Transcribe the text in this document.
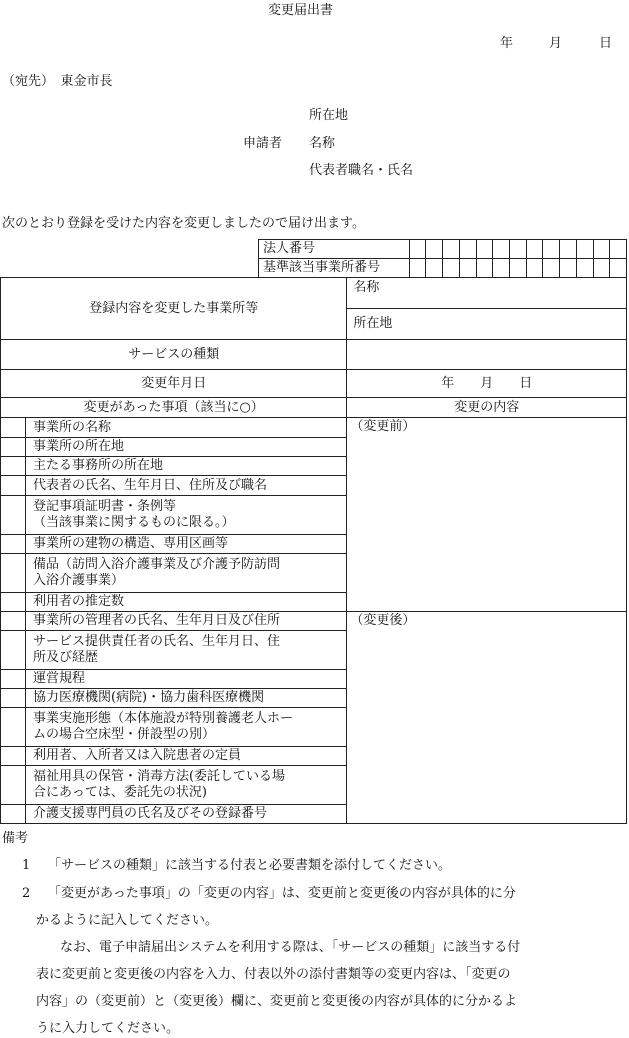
変更届出書
年	月	日
（宛先）　東金市長
所在地
申請者 名称
代表者職名・氏名
次のとおり登録を受けた内容を変更しましたので届け出ます。
法人番号														
基準該当事業所番号														
登録内容を変更した事業所等		名称
		所在地
サービスの種類		
変更年月日		年　　月　　日
変更があった事項（該当に○）		変更の内容
	事業所の名称	（変更前）
	事業所の所在地	
	主たる事務所の所在地	
	代表者の氏名、生年月日、住所及び職名	

	登記事項証明書・条例等
（当該事業に関するものに限る。）	

	事業所の建物の構造、専用区画等	

	備品（訪問入浴介護事業及び介護予防訪問
入浴介護事業）	

	利用者の推定数	
	事業所の管理者の氏名、生年月日及び住所	（変更後）

	サービス提供責任者の氏名、生年月日、住
所及び経歴	

	運営規程	
	協力医療機関(病院)・協力歯科医療機関	

	事業実施形態（本体施設が特別養護老人ホー
ムの場合空床型・併設型の別）	

	利用者、入所者又は入院患者の定員	

	福祉用具の保管・消毒方法(委託している場
合にあっては、委託先の状況)	

	介護支援専門員の氏名及びその登録番号	
備考
1 「サービスの種類」に該当する付表と必要書類を添付してください。
2 「変更があった事項」の「変更の内容」は、変更前と変更後の内容が具体的に分
かるように記入してください。
なお、電子申請届出システムを利用する際は、「サービスの種類」に該当する付
表に変更前と変更後の内容を入力、付表以外の添付書類等の変更内容は、「変更の
内容」の（変更前）と（変更後）欄に、変更前と変更後の内容が具体的に分かるよ
うに入力してください。
